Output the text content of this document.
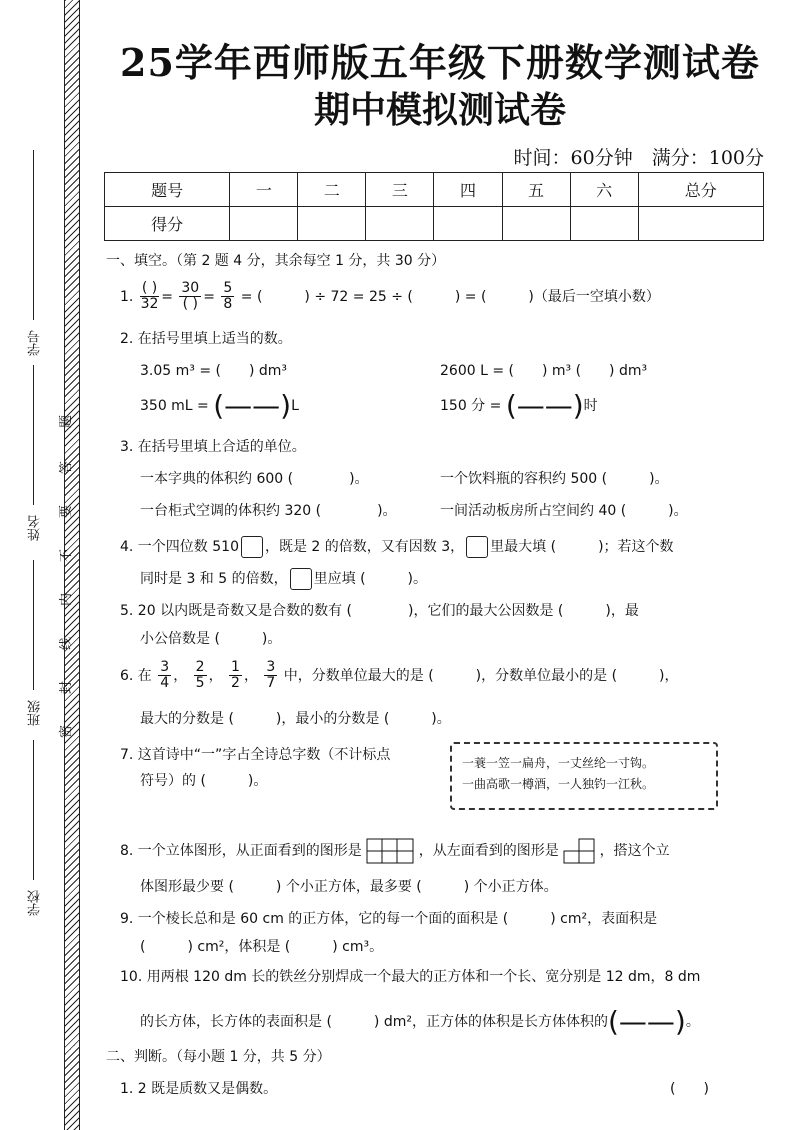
学号
姓名
班级
学校
题
答
要
不
内
线
封
密
25学年西师版五年级下册数学测试卷
期中模拟测试卷
时间：60分钟　满分：100分
题号	一	二	三	四	五	六	总分
得分							
一、填空。（第 2 题 4 分，其余每空 1 分，共 30 分）
1. $\frac{( )}{32} = \frac{30}{( )} = \frac{5}{8}$ = (　　　) ÷ 72 = 25 ÷ (　　　) = (　　　)（最后一空填小数）
2. 在括号里填上适当的数。
3.05 m³ = (　　) dm³	2600 L = (　　) m³ (　　) dm³
350 mL = (——)L	150 分 = (——)时
3. 在括号里填上合适的单位。
一本字典的体积约 600 (　　　　)。	一个饮料瓶的容积约 500 (　　　)。
一台柜式空调的体积约 320 (　　　　)。	一间活动板房所占空间约 40 (　　　)。
4. 一个四位数 510 ，既是 2 的倍数，又有因数 3， 里最大填 (　　　)；若这个数
同时是 3 和 5 的倍数， 里应填 (　　　)。
5. 20 以内既是奇数又是合数的数有 (　　　　)，它们的最大公因数是 (　　　)，最
小公倍数是 (　　　)。
6. 在 $\frac{3}{4}$ ， $\frac{2}{5}$ ， $\frac{1}{2}$ ， $\frac{3}{7}$ 中，分数单位最大的是 (　　　)，分数单位最小的是 (　　　)，
最大的分数是 (　　　)，最小的分数是 (　　　)。
7. 这首诗中“一”字占全诗总字数（不计标点
符号）的 (　　　)。
一蓑一笠一扁舟，一丈丝纶一寸钩。
一曲高歌一樽酒，一人独钓一江秋。
8. 一个立体图形，从正面看到的图形是	，从左面看到的图形是	，搭这个立
体图形最少要 (　　　) 个小正方体，最多要 (　　　) 个小正方体。
9. 一个棱长总和是 60 cm 的正方体，它的每一个面的面积是 (　　　) cm²，表面积是
(　　　) cm²，体积是 (　　　) cm³。
10. 用两根 120 dm 长的铁丝分别焊成一个最大的正方体和一个长、宽分别是 12 dm，8 dm
的长方体，长方体的表面积是 (　　　) dm²，正方体的体积是长方体体积的(——)。
二、判断。（每小题 1 分，共 5 分）
1. 2 既是质数又是偶数。	(　　)
